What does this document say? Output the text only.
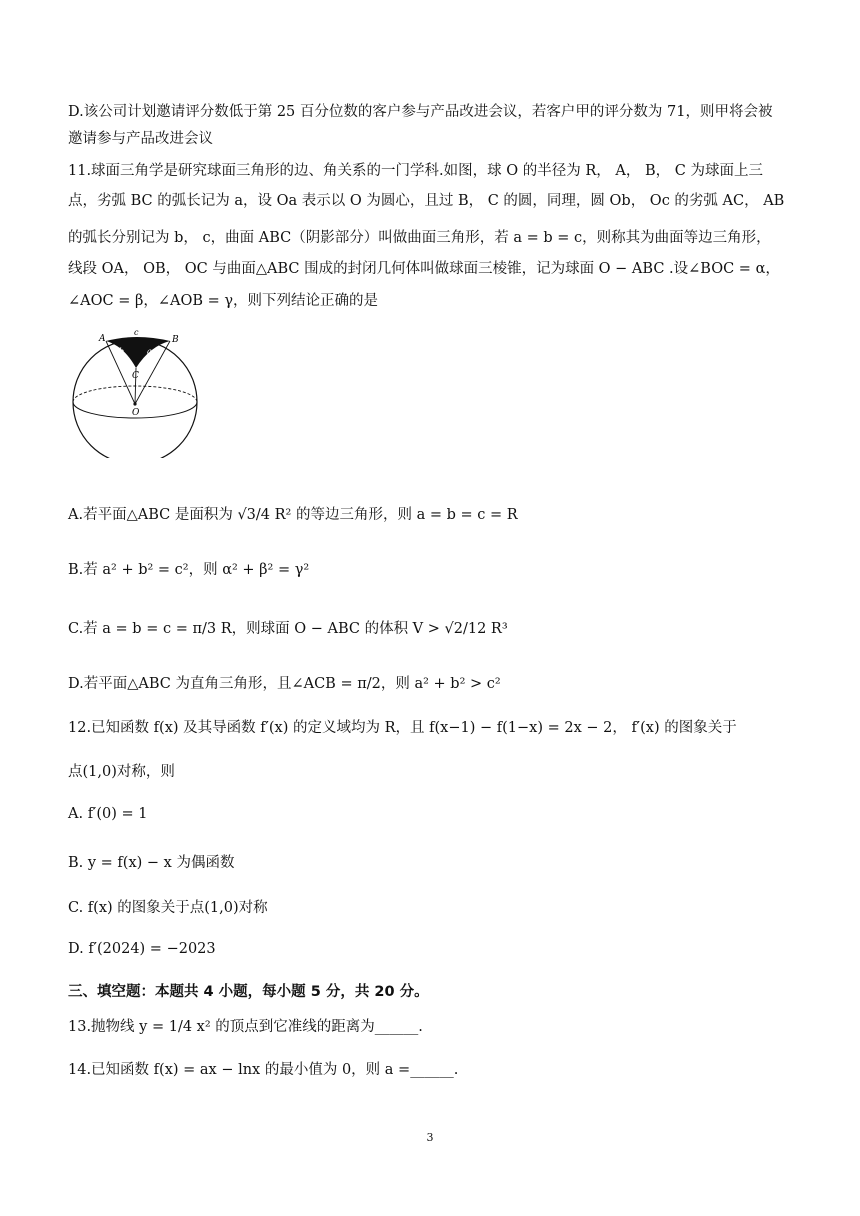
D.该公司计划邀请评分数低于第 25 百分位数的客户参与产品改进会议，若客户甲的评分数为 71，则甲将会被
邀请参与产品改进会议
11.球面三角学是研究球面三角形的边、角关系的一门学科.如图，球 O 的半径为 R， A， B， C 为球面上三
点，劣弧 BC 的弧长记为 a，设 Oa 表示以 O 为圆心，且过 B， C 的圆，同理，圆 Ob， Oc 的劣弧 AC， AB
的弧长分别记为 b， c，曲面 ABC（阴影部分）叫做曲面三角形，若 a = b = c，则称其为曲面等边三角形，
线段 OA， OB， OC 与曲面△ABC 围成的封闭几何体叫做球面三棱锥，记为球面 O − ABC .设∠BOC = α，
∠AOC = β，∠AOB = γ，则下列结论正确的是
A	B
C
O
c
b	a
A.若平面△ABC 是面积为 √3/4 R² 的等边三角形，则 a = b = c = R
B.若 a² + b² = c²，则 α² + β² = γ²
C.若 a = b = c = π/3 R，则球面 O − ABC 的体积 V > √2/12 R³
D.若平面△ABC 为直角三角形，且∠ACB = π/2，则 a² + b² > c²
12.已知函数 f(x) 及其导函数 f′(x) 的定义域均为 R，且 f(x−1) − f(1−x) = 2x − 2， f′(x) 的图象关于
点(1,0)对称，则
A. f′(0) = 1
B. y = f(x) − x 为偶函数
C. f(x) 的图象关于点(1,0)对称
D. f′(2024) = −2023
三、填空题：本题共 4 小题，每小题 5 分，共 20 分。
13.抛物线 y = 1/4 x² 的顶点到它准线的距离为______.
14.已知函数 f(x) = ax − lnx 的最小值为 0，则 a =______.
3
